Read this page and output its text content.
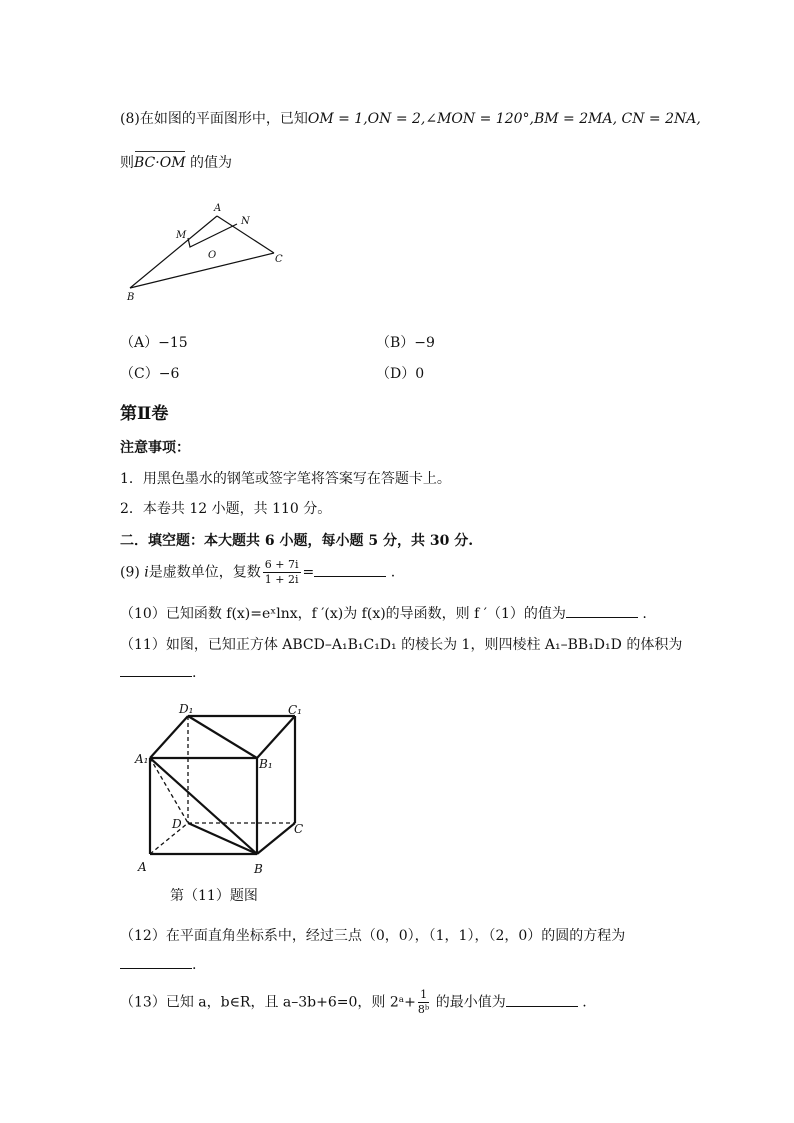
(8)在如图的平面图形中，已知OM = 1,ON = 2,∠MON = 120°,BM = 2MA, CN = 2NA,
则BC·OM 的值为
A
N
M
O	C
B
（A）−15	（B）−9
（C）−6	（D）0
第Ⅱ卷
注意事项：
1．用黑色墨水的钢笔或签字笔将答案写在答题卡上。
2．本卷共 12 小题，共 110 分。
二．填空题：本大题共 6 小题，每小题 5 分，共 30 分.
(9) i是虚数单位，复数 $\frac{6 + 7i}{1 + 2i}$ =	.
（10）已知函数 f(x)=eˣlnx，f ′(x)为 f(x)的导函数，则 f ′（1）的值为	.
（11）如图，已知正方体 ABCD–A₁B₁C₁D₁ 的棱长为 1，则四棱柱 A₁–BB₁D₁D 的体积为
.
D₁	C₁
A₁	B₁
D	C
A	B
第（11）题图
（12）在平面直角坐标系中，经过三点（0，0），（1，1），（2，0）的圆的方程为
.
（13）已知 a，b∈R，且 a–3b+6=0，则 2ᵃ+ $\frac{1}{\text{8ᵇ}}$ 的最小值为	.
